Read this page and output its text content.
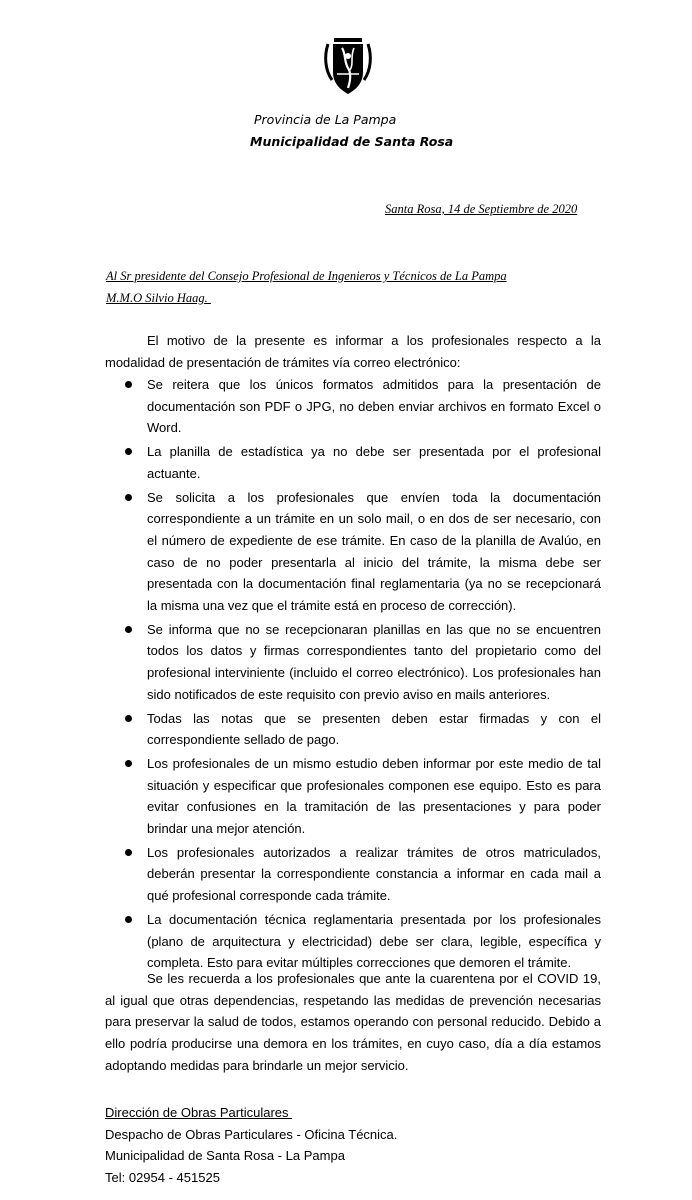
Provincia de La Pampa
Municipalidad de Santa Rosa
Santa Rosa, 14 de Septiembre de 2020
Al Sr presidente del Consejo Profesional de Ingenieros y Técnicos de La Pampa
M.M.O Silvio Haag.

El motivo de la presente es informar a los profesionales respecto a la modalidad de presentación de trámites vía correo electrónico:

Se reitera que los únicos formatos admitidos para la presentación de documentación son PDF o JPG, no deben enviar archivos en formato Excel o Word.
La planilla de estadística ya no debe ser presentada por el profesional actuante.
Se solicita a los profesionales que envíen toda la documentación correspondiente a un trámite en un solo mail, o en dos de ser necesario, con el número de expediente de ese trámite. En caso de la planilla de Avalúo, en caso de no poder presentarla al inicio del trámite, la misma debe ser presentada con la documentación final reglamentaria (ya no se recepcionará la misma una vez que el trámite está en proceso de corrección).
Se informa que no se recepcionaran planillas en las que no se encuentren todos los datos y firmas correspondientes tanto del propietario como del profesional interviniente (incluido el correo electrónico). Los profesionales han sido notificados de este requisito con previo aviso en mails anteriores.
Todas las notas que se presenten deben estar firmadas y con el correspondiente sellado de pago.
Los profesionales de un mismo estudio deben informar por este medio de tal situación y especificar que profesionales componen ese equipo. Esto es para evitar confusiones en la tramitación de las presentaciones y para poder brindar una mejor atención.
Los profesionales autorizados a realizar trámites de otros matriculados, deberán presentar la correspondiente constancia a informar en cada mail a qué profesional corresponde cada trámite.
La documentación técnica reglamentaria presentada por los profesionales (plano de arquitectura y electricidad) debe ser clara, legible, específica y completa. Esto para evitar múltiples correcciones que demoren el trámite.

Se les recuerda a los profesionales que ante la cuarentena por el COVID 19, al igual que otras dependencias, respetando las medidas de prevención necesarias para preservar la salud de todos, estamos operando con personal reducido. Debido a ello podría producirse una demora en los trámites, en cuyo caso, día a día estamos adoptando medidas para brindarle un mejor servicio.

Dirección de Obras Particulares
Despacho de Obras Particulares - Oficina Técnica.
Municipalidad de Santa Rosa - La Pampa
Tel: 02954 - 451525
